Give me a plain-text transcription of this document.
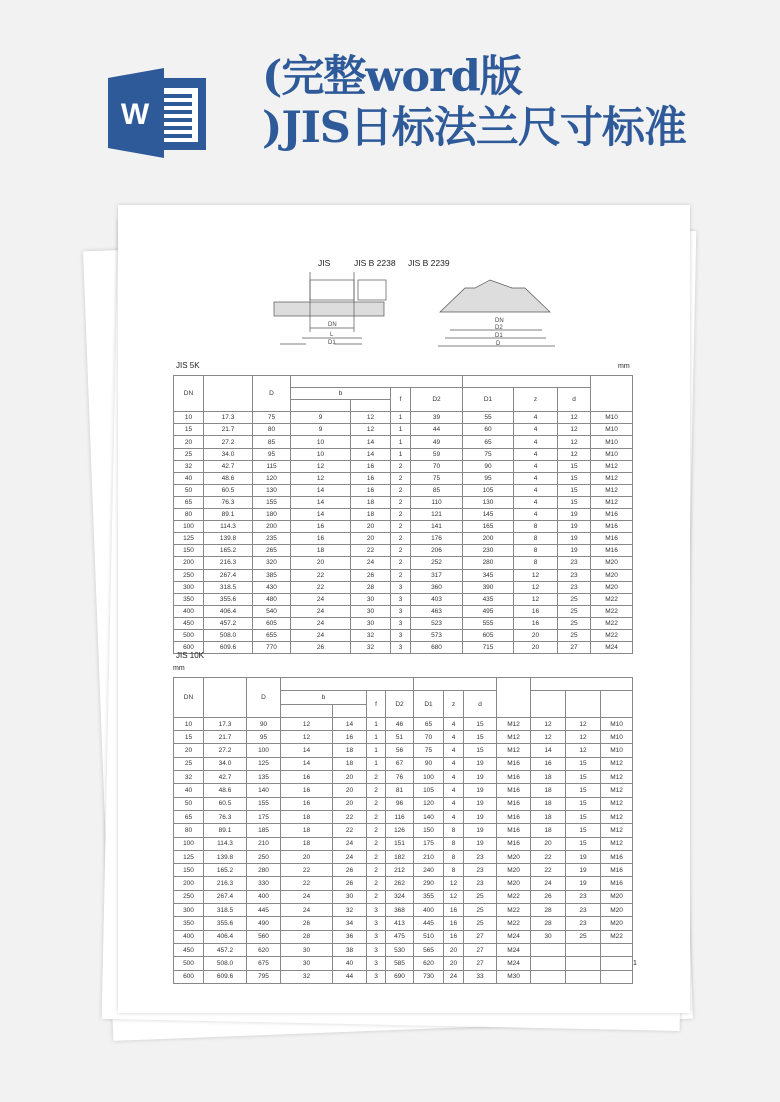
W
(完整word版
)JIS日标法兰尺寸标准
JIS	JIS B 2238 JIS B 2239
DN
L
D1
DN
D2
D1
D
JIS 5K	mm
DN		D								
			b		f	D2	D1	z	d	

10	17.3	75	9	12	1	39	55	4	12	M10
15	21.7	80	9	12	1	44	60	4	12	M10
20	27.2	85	10	14	1	49	65	4	12	M10
25	34.0	95	10	14	1	59	75	4	12	M10
32	42.7	115	12	16	2	70	90	4	15	M12
40	48.6	120	12	16	2	75	95	4	15	M12
50	60.5	130	14	16	2	85	105	4	15	M12
65	76.3	155	14	18	2	110	130	4	15	M12
80	89.1	180	14	18	2	121	145	4	19	M16
100	114.3	200	16	20	2	141	165	8	19	M16
125	139.8	235	16	20	2	176	200	8	19	M16
150	165.2	265	18	22	2	206	230	8	19	M16
200	216.3	320	20	24	2	252	280	8	23	M20
250	267.4	385	22	26	2	317	345	12	23	M20
300	318.5	430	22	28	3	360	390	12	23	M20
350	355.6	480	24	30	3	403	435	12	25	M22
400	406.4	540	24	30	3	463	495	16	25	M22
450	457.2	605	24	30	3	523	555	16	25	M22
500	508.0	655	24	32	3	573	605	20	25	M22
600	609.6	770	26	32	3	680	715	20	27	M24
JIS 10K
mm
DN		D											
			b		f	D2	D1	z	d				

10	17.3	90	12	14	1	46	65	4	15	M12	12	12	M10
15	21.7	95	12	16	1	51	70	4	15	M12	12	12	M10
20	27.2	100	14	18	1	56	75	4	15	M12	14	12	M10
25	34.0	125	14	18	1	67	90	4	19	M16	16	15	M12
32	42.7	135	16	20	2	76	100	4	19	M16	18	15	M12
40	48.6	140	16	20	2	81	105	4	19	M16	18	15	M12
50	60.5	155	16	20	2	96	120	4	19	M16	18	15	M12
65	76.3	175	18	22	2	116	140	4	19	M16	18	15	M12
80	89.1	185	18	22	2	126	150	8	19	M16	18	15	M12
100	114.3	210	18	24	2	151	175	8	19	M16	20	15	M12
125	139.8	250	20	24	2	182	210	8	23	M20	22	19	M16
150	165.2	280	22	26	2	212	240	8	23	M20	22	19	M16
200	216.3	330	22	26	2	262	290	12	23	M20	24	19	M16
250	267.4	400	24	30	2	324	355	12	25	M22	26	23	M20
300	318.5	445	24	32	3	368	400	16	25	M22	28	23	M20
350	355.6	490	26	34	3	413	445	16	25	M22	28	23	M20
400	406.4	560	28	36	3	475	510	16	27	M24	30	25	M22
450	457.2	620	30	38	3	530	565	20	27	M24			
500	508.0	675	30	40	3	585	620	20	27	M24			
600	609.6	795	32	44	3	690	730	24	33	M30			
1
